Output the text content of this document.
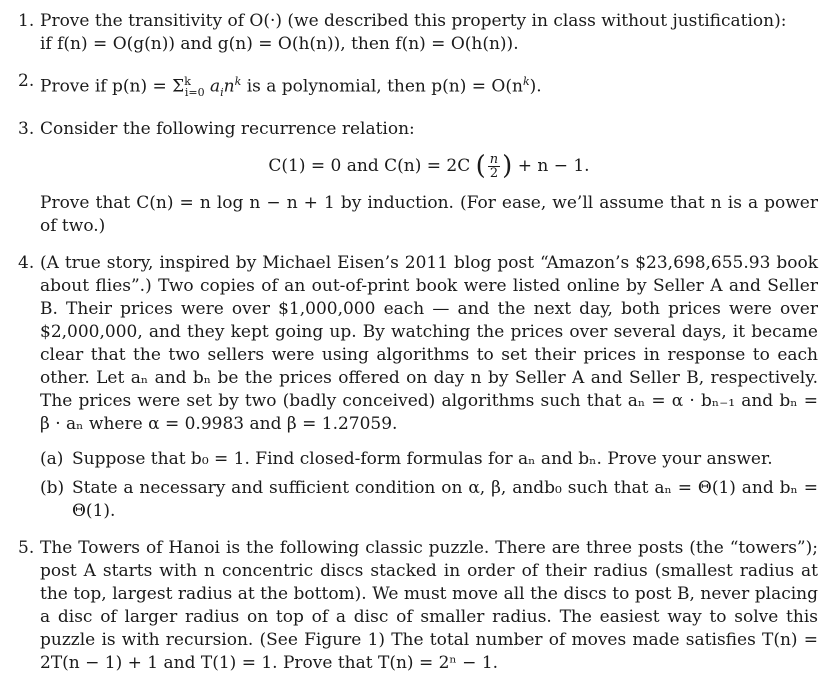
1. Prove the transitivity of O(·) (we described this property in class without justification):

if f(n) = O(g(n)) and g(n) = O(h(n)), then f(n) = O(h(n)).

2. Prove if $p(n) = \Sigma^k_{i=0}$ $a_in^k$ is a polynomial, then $p(n) = O(n^k)$.

3. Consider the following recurrence relation:

C(1) = 0 and C(n) = 2C ( $\frac{n}{2}$ ) + n − 1.

Prove that C(n) = n log n − n + 1 by induction. (For ease, we’ll assume that n is a power of two.)

4. (A true story, inspired by Michael Eisen’s 2011 blog post “Amazon’s $23,698,655.93 book about flies”.) Two copies of an out-of-print book were listed online by Seller A and Seller B. Their prices were over $1,000,000 each — and the next day, both prices were over $2,000,000, and they kept going up. By watching the prices over several days, it became clear that the two sellers were using algorithms to set their prices in response to each other. Let aₙ and bₙ be the prices offered on day n by Seller A and Seller B, respectively. The prices were set by two (badly conceived) algorithms such that aₙ = α · bₙ₋₁ and bₙ = β · aₙ where α = 0.9983 and β = 1.27059.

(a) Suppose that b₀ = 1. Find closed-form formulas for aₙ and bₙ. Prove your answer.

(b) State a necessary and sufficient condition on α, β, andb₀ such that aₙ = Θ(1) and bₙ = Θ(1).

5. The Towers of Hanoi is the following classic puzzle. There are three posts (the “towers”); post A starts with n concentric discs stacked in order of their radius (smallest radius at the top, largest radius at the bottom). We must move all the discs to post B, never placing a disc of larger radius on top of a disc of smaller radius. The easiest way to solve this puzzle is with recursion. (See Figure 1) The total number of moves made satisfies T(n) = 2T(n − 1) + 1 and T(1) = 1. Prove that T(n) = 2ⁿ − 1.
